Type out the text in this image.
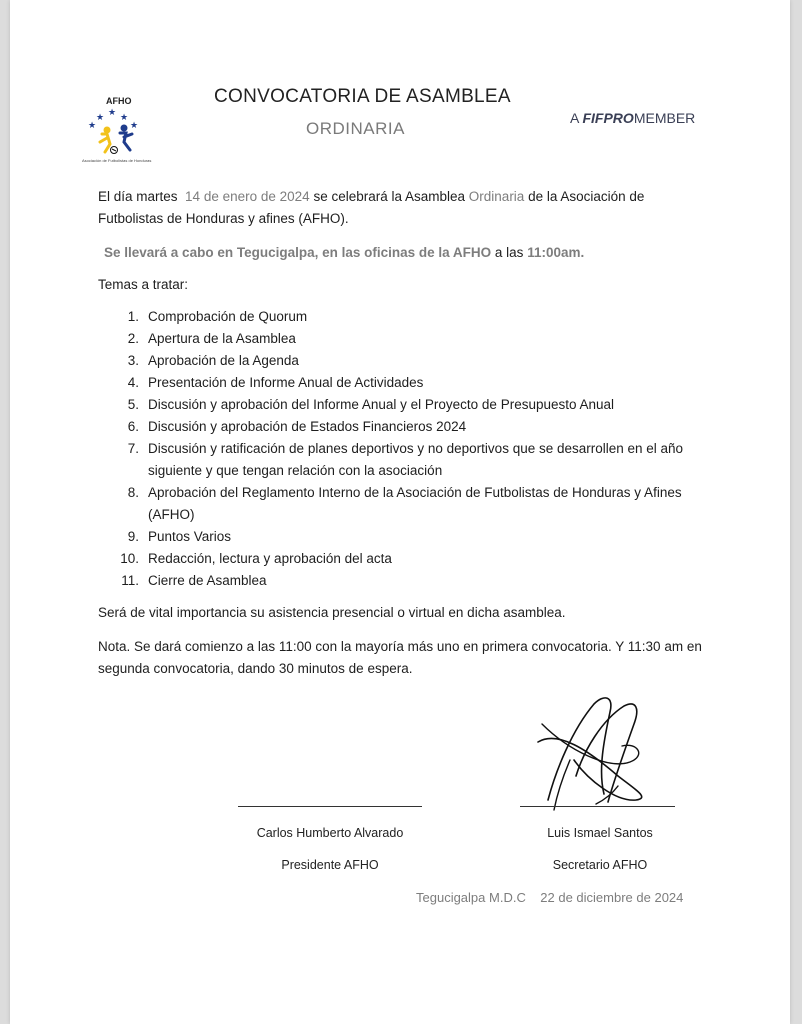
AFHO
★
★ ★ ★
★
Asociación de Futbolistas de Honduras
CONVOCATORIA DE ASAMBLEA
ORDINARIA
A FIFPROMEMBER
El día martes 14 de enero de 2024 se celebrará la Asamblea Ordinaria de la Asociación de Futbolistas de Honduras y afines (AFHO).
Se llevará a cabo en Tegucigalpa, en las oficinas de la AFHO a las 11:00am.
Temas a tratar:
1. Comprobación de Quorum
2. Apertura de la Asamblea
3. Aprobación de la Agenda
4. Presentación de Informe Anual de Actividades
5. Discusión y aprobación del Informe Anual y el Proyecto de Presupuesto Anual
6. Discusión y aprobación de Estados Financieros 2024
7. Discusión y ratificación de planes deportivos y no deportivos que se desarrollen en el año siguiente y que tengan relación con la asociación
8. Aprobación del Reglamento Interno de la Asociación de Futbolistas de Honduras y Afines (AFHO)
9. Puntos Varios
10. Redacción, lectura y aprobación del acta
11. Cierre de Asamblea
Será de vital importancia su asistencia presencial o virtual en dicha asamblea.
Nota. Se dará comienzo a las 11:00 con la mayoría más uno en primera convocatoria. Y 11:30 am en segunda convocatoria, dando 30 minutos de espera.
Carlos Humberto Alvarado
Presidente AFHO
Luis Ismael Santos
Secretario AFHO
Tegucigalpa M.D.C 22 de diciembre de 2024
